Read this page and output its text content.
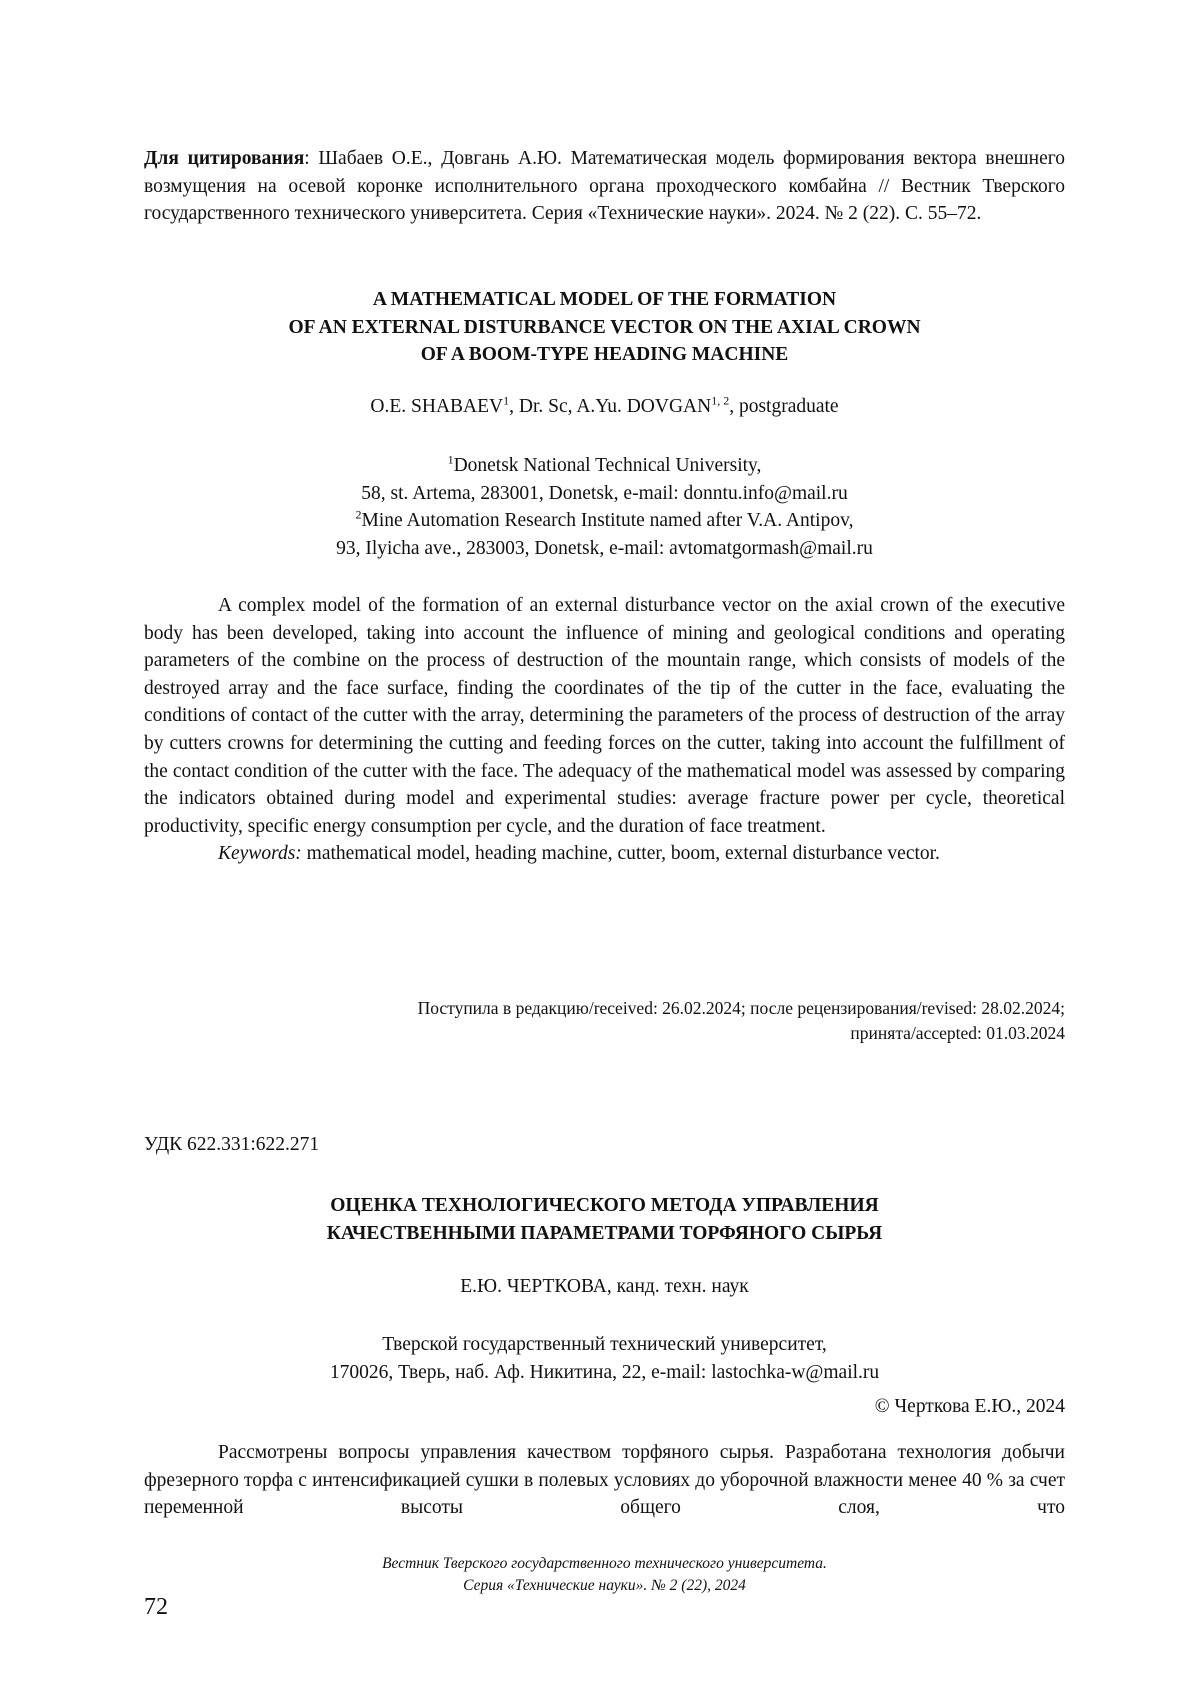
Для цитирования: Шабаев О.Е., Довгань А.Ю. Математическая модель формирования вектора внешнего возмущения на осевой коронке исполнительного органа проходческого комбайна // Вестник Тверского государственного технического университета. Серия «Технические науки». 2024. № 2 (22). С. 55–72.

A MATHEMATICAL MODEL OF THE FORMATION
OF AN EXTERNAL DISTURBANCE VECTOR ON THE AXIAL CROWN
OF A BOOM-TYPE HEADING MACHINE
O.E. SHABAEV$^1$, Dr. Sc, A.Yu. DOVGAN$^{1, 2}$, postgraduate
$^1$Donetsk National Technical University,
58, st. Artema, 283001, Donetsk, e-mail: donntu.info@mail.ru
$^2$Mine Automation Research Institute named after V.A. Antipov,
93, Ilyicha ave., 283003, Donetsk, e-mail: avtomatgormash@mail.ru

A complex model of the formation of an external disturbance vector on the axial crown of the executive body has been developed, taking into account the influence of mining and geological conditions and operating parameters of the combine on the process of destruction of the mountain range, which consists of models of the destroyed array and the face surface, finding the coordinates of the tip of the cutter in the face, evaluating the conditions of contact of the cutter with the array, determining the parameters of the process of destruction of the array by cutters crowns for determining the cutting and feeding forces on the cutter, taking into account the fulfillment of the contact condition of the cutter with the face. The adequacy of the mathematical model was assessed by comparing the indicators obtained during model and experimental studies: average fracture power per cycle, theoretical productivity, specific energy consumption per cycle, and the duration of face treatment.

Keywords: mathematical model, heading machine, cutter, boom, external disturbance vector.

Поступила в редакцию/received: 26.02.2024; после рецензирования/revised: 28.02.2024;
принята/accepted: 01.03.2024
УДК 622.331:622.271
ОЦЕНКА ТЕХНОЛОГИЧЕСКОГО МЕТОДА УПРАВЛЕНИЯ
КАЧЕСТВЕННЫМИ ПАРАМЕТРАМИ ТОРФЯНОГО СЫРЬЯ
Е.Ю. ЧЕРТКОВА, канд. техн. наук
Тверской государственный технический университет,
170026, Тверь, наб. Аф. Никитина, 22, e-mail: lastochka-w@mail.ru
© Черткова Е.Ю., 2024

Рассмотрены вопросы управления качеством торфяного сырья. Разработана технология добычи фрезерного торфа с интенсификацией сушки в полевых условиях до уборочной влажности менее 40 % за счет переменной высоты общего слоя, что

Вестник Тверского государственного технического университета.
Серия «Технические науки». № 2 (22), 2024
72
